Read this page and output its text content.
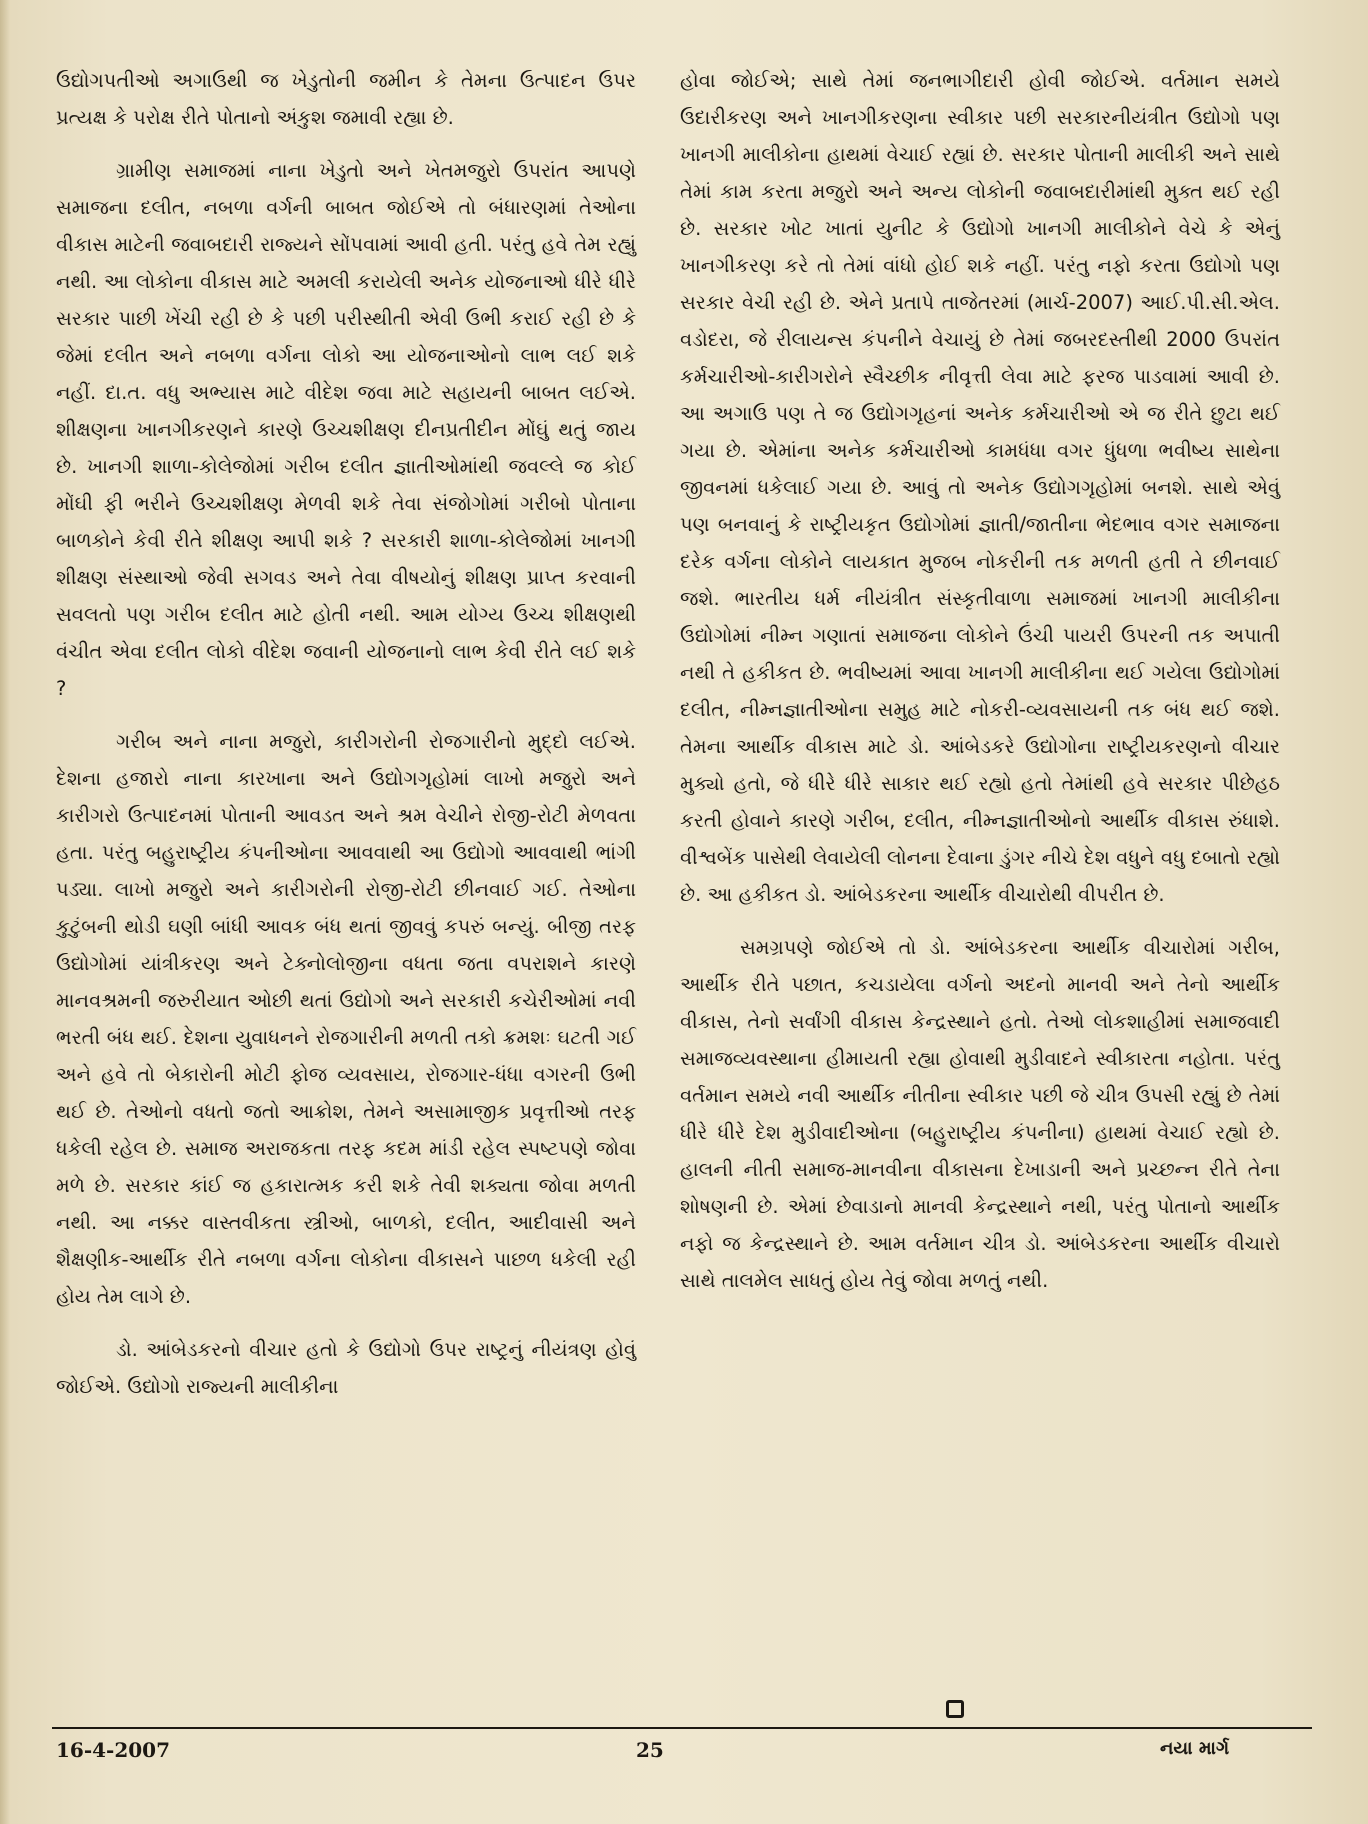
ઉદ્યોગપતીઓ અગાઉથી જ ખેડુતોની જમીન કે તેમના ઉત્પાદન ઉપર પ્રત્યક્ષ કે પરોક્ષ રીતે પોતાનો અંકુશ જમાવી રહ્યા છે.

ગ્રામીણ સમાજમાં નાના ખેડુતો અને ખેતમજુરો ઉપરાંત આપણે સમાજના દલીત, નબળા વર્ગની બાબત જોઈએ તો બંધારણમાં તેઓના વીકાસ માટેની જવાબદારી રાજ્યને સોંપવામાં આવી હતી. પરંતુ હવે તેમ રહ્યું નથી. આ લોકોના વીકાસ માટે અમલી કરાયેલી અનેક યોજનાઓ ધીરે ધીરે સરકાર પાછી ખેંચી રહી છે કે પછી પરીસ્થીતી એવી ઉભી કરાઈ રહી છે કે જેમાં દલીત અને નબળા વર્ગના લોકો આ યોજનાઓનો લાભ લઈ શકે નહીં. દા.ત. વધુ અભ્યાસ માટે વીદેશ જવા માટે સહાયની બાબત લઈએ. શીક્ષણના ખાનગીકરણને કારણે ઉચ્ચશીક્ષણ દીનપ્રતીદીન મોંઘું થતું જાય છે. ખાનગી શાળા-કોલેજોમાં ગરીબ દલીત જ્ઞાતીઓમાંથી જવલ્લે જ કોઈ મોંઘી ફી ભરીને ઉચ્ચશીક્ષણ મેળવી શકે તેવા સંજોગોમાં ગરીબો પોતાના બાળકોને કેવી રીતે શીક્ષણ આપી શકે ? સરકારી શાળા-કોલેજોમાં ખાનગી શીક્ષણ સંસ્થાઓ જેવી સગવડ અને તેવા વીષયોનું શીક્ષણ પ્રાપ્ત કરવાની સવલતો પણ ગરીબ દલીત માટે હોતી નથી. આમ યોગ્ય ઉચ્ચ શીક્ષણથી વંચીત એવા દલીત લોકો વીદેશ જવાની યોજનાનો લાભ કેવી રીતે લઈ શકે ?

ગરીબ અને નાના મજુરો, કારીગરોની રોજગારીનો મુદ્દો લઈએ. દેશના હજારો નાના કારખાના અને ઉદ્યોગગૃહોમાં લાખો મજુરો અને કારીગરો ઉત્પાદનમાં પોતાની આવડત અને શ્રમ વેચીને રોજી-રોટી મેળવતા હતા. પરંતુ બહુરાષ્ટ્રીય કંપનીઓના આવવાથી આ ઉદ્યોગો આવવાથી ભાંગી પડ્યા. લાખો મજુરો અને કારીગરોની રોજી-રોટી છીનવાઈ ગઈ. તેઓના કુટુંબની થોડી ઘણી બાંધી આવક બંધ થતાં જીવવું કપરું બન્યું. બીજી તરફ ઉદ્યોગોમાં યાંત્રીકરણ અને ટેક્નોલોજીના વધતા જતા વપરાશને કારણે માનવશ્રમની જરુરીયાત ઓછી થતાં ઉદ્યોગો અને સરકારી કચેરીઓમાં નવી ભરતી બંધ થઈ. દેશના યુવાધનને રોજગારીની મળતી તકો ક્રમશઃ ઘટતી ગઈ અને હવે તો બેકારોની મોટી ફોજ વ્યવસાય, રોજગાર-ધંધા વગરની ઉભી થઈ છે. તેઓનો વધતો જતો આક્રોશ, તેમને અસામાજીક પ્રવૃત્તીઓ તરફ ધકેલી રહેલ છે. સમાજ અરાજકતા તરફ કદમ માંડી રહેલ સ્પષ્ટપણે જોવા મળે છે. સરકાર કાંઈ જ હકારાત્મક કરી શકે તેવી શક્યતા જોવા મળતી નથી. આ નક્કર વાસ્તવીકતા સ્ત્રીઓ, બાળકો, દલીત, આદીવાસી અને શૈક્ષણીક-આર્થીક રીતે નબળા વર્ગના લોકોના વીકાસને પાછળ ધકેલી રહી હોય તેમ લાગે છે.

ડો. આંબેડકરનો વીચાર હતો કે ઉદ્યોગો ઉપર રાષ્ટ્રનું નીયંત્રણ હોવું જોઈએ. ઉદ્યોગો રાજ્યની માલીકીના

હોવા જોઈએ; સાથે તેમાં જનભાગીદારી હોવી જોઈએ. વર્તમાન સમયે ઉદારીકરણ અને ખાનગીકરણના સ્વીકાર પછી સરકારનીયંત્રીત ઉદ્યોગો પણ ખાનગી માલીકોના હાથમાં વેચાઈ રહ્યાં છે. સરકાર પોતાની માલીકી અને સાથે તેમાં કામ કરતા મજુરો અને અન્ય લોકોની જવાબદારીમાંથી મુક્ત થઈ રહી છે. સરકાર ખોટ ખાતાં યુનીટ કે ઉદ્યોગો ખાનગી માલીકોને વેચે કે એનું ખાનગીકરણ કરે તો તેમાં વાંધો હોઈ શકે નહીં. પરંતુ નફો કરતા ઉદ્યોગો પણ સરકાર વેચી રહી છે. એને પ્રતાપે તાજેતરમાં (માર્ચ-2007) આઈ.પી.સી.એલ. વડોદરા, જે રીલાયન્સ કંપનીને વેચાયું છે તેમાં જબરદસ્તીથી 2000 ઉપરાંત કર્મચારીઓ-કારીગરોને સ્વૈચ્છીક નીવૃત્તી લેવા માટે ફરજ પાડવામાં આવી છે. આ અગાઉ પણ તે જ ઉદ્યોગગૃહનાં અનેક કર્મચારીઓ એ જ રીતે છુટા થઈ ગયા છે. એમાંના અનેક કર્મચારીઓ કામધંધા વગર ધુંધળા ભવીષ્ય સાથેના જીવનમાં ધકેલાઈ ગયા છે. આવું તો અનેક ઉદ્યોગગૃહોમાં બનશે. સાથે એવું પણ બનવાનું કે રાષ્ટ્રીયકૃત ઉદ્યોગોમાં જ્ઞાતી/જાતીના ભેદભાવ વગર સમાજના દરેક વર્ગના લોકોને લાયકાત મુજબ નોકરીની તક મળતી હતી તે છીનવાઈ જશે. ભારતીય ધર્મ નીયંત્રીત સંસ્કૃતીવાળા સમાજમાં ખાનગી માલીકીના ઉદ્યોગોમાં નીમ્ન ગણાતાં સમાજના લોકોને ઉંચી પાયરી ઉપરની તક અપાતી નથી તે હકીકત છે. ભવીષ્યમાં આવા ખાનગી માલીકીના થઈ ગયેલા ઉદ્યોગોમાં દલીત, નીમ્નજ્ઞાતીઓના સમુહ માટે નોકરી-વ્યવસાયની તક બંધ થઈ જશે. તેમના આર્થીક વીકાસ માટે ડો. આંબેડકરે ઉદ્યોગોના રાષ્ટ્રીયકરણનો વીચાર મુક્યો હતો, જે ધીરે ધીરે સાકાર થઈ રહ્યો હતો તેમાંથી હવે સરકાર પીછેહઠ કરતી હોવાને કારણે ગરીબ, દલીત, નીમ્નજ્ઞાતીઓનો આર્થીક વીકાસ રુંધાશે. વીશ્વબેંક પાસેથી લેવાયેલી લોનના દેવાના ડુંગર નીચે દેશ વધુને વધુ દબાતો રહ્યો છે. આ હકીકત ડો. આંબેડકરના આર્થીક વીચારોથી વીપરીત છે.

સમગ્રપણે જોઈએ તો ડો. આંબેડકરના આર્થીક વીચારોમાં ગરીબ, આર્થીક રીતે પછાત, કચડાયેલા વર્ગનો અદનો માનવી અને તેનો આર્થીક વીકાસ, તેનો સર્વાંગી વીકાસ કેન્દ્રસ્થાને હતો. તેઓ લોકશાહીમાં સમાજવાદી સમાજવ્યવસ્થાના હીમાયતી રહ્યા હોવાથી મુડીવાદને સ્વીકારતા નહોતા. પરંતુ વર્તમાન સમયે નવી આર્થીક નીતીના સ્વીકાર પછી જે ચીત્ર ઉપસી રહ્યું છે તેમાં ધીરે ધીરે દેશ મુડીવાદીઓના (બહુરાષ્ટ્રીય કંપનીના) હાથમાં વેચાઈ રહ્યો છે. હાલની નીતી સમાજ-માનવીના વીકાસના દેખાડાની અને પ્રચ્છન્ન રીતે તેના શોષણની છે. એમાં છેવાડાનો માનવી કેન્દ્રસ્થાને નથી, પરંતુ પોતાનો આર્થીક નફો જ કેન્દ્રસ્થાને છે. આમ વર્તમાન ચીત્ર ડો. આંબેડકરના આર્થીક વીચારો સાથે તાલમેલ સાધતું હોય તેવું જોવા મળતું નથી.

16-4-2007	25	નયા માર્ગ
